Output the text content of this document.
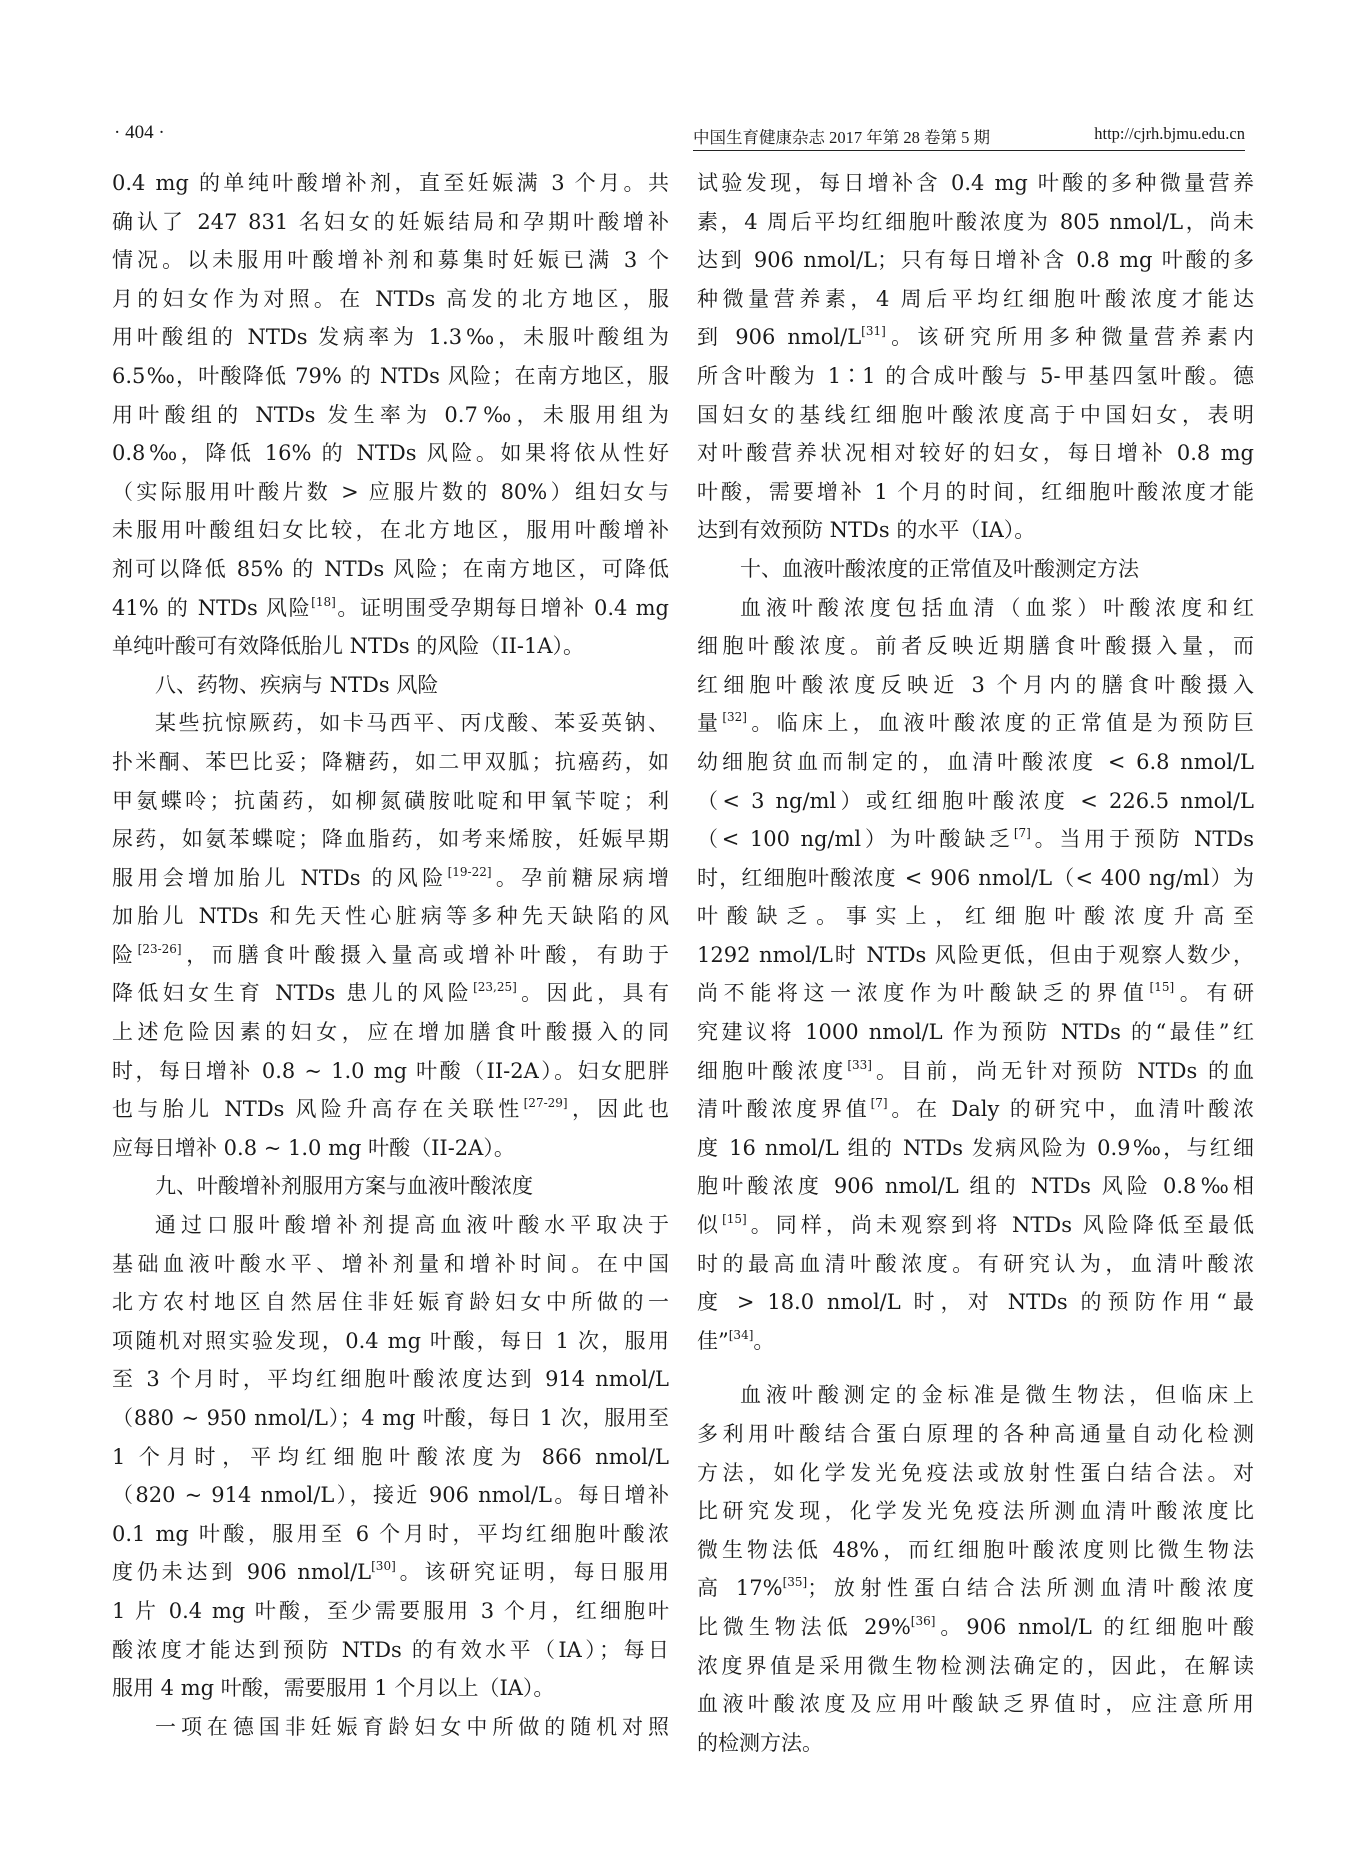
· 404 ·	中国生育健康杂志 2017 年第 28 卷第 5 期	http://cjrh.bjmu.edu.cn
0.4 mg 的单纯叶酸增补剂，直至妊娠满 3 个月。共
确认了 247 831 名妇女的妊娠结局和孕期叶酸增补
情况。以未服用叶酸增补剂和募集时妊娠已满 3 个
月的妇女作为对照。在 NTDs 高发的北方地区，服
用叶酸组的 NTDs 发病率为 1.3‰，未服叶酸组为
6.5‰，叶酸降低 79% 的 NTDs 风险；在南方地区，服
用叶酸组的 NTDs 发生率为 0.7‰，未服用组为
0.8‰，降低 16% 的 NTDs 风险。如果将依从性好
（实际服用叶酸片数 > 应服片数的 80%）组妇女与
未服用叶酸组妇女比较，在北方地区，服用叶酸增补
剂可以降低 85% 的 NTDs 风险；在南方地区，可降低
41% 的 NTDs 风险[18]。证明围受孕期每日增补 0.4 mg
单纯叶酸可有效降低胎儿 NTDs 的风险（II-1A）。
八、药物、疾病与 NTDs 风险
某些抗惊厥药，如卡马西平、丙戊酸、苯妥英钠、
扑米酮、苯巴比妥；降糖药，如二甲双胍；抗癌药，如
甲氨蝶呤；抗菌药，如柳氮磺胺吡啶和甲氧苄啶；利
尿药，如氨苯蝶啶；降血脂药，如考来烯胺，妊娠早期
服用会增加胎儿 NTDs 的风险[19-22]。孕前糖尿病增
加胎儿 NTDs 和先天性心脏病等多种先天缺陷的风
险[23-26]，而膳食叶酸摄入量高或增补叶酸，有助于
降低妇女生育 NTDs 患儿的风险[23,25]。因此，具有
上述危险因素的妇女，应在增加膳食叶酸摄入的同
时，每日增补 0.8 ~ 1.0 mg 叶酸（II-2A）。妇女肥胖
也与胎儿 NTDs 风险升高存在关联性[27-29]，因此也
应每日增补 0.8 ~ 1.0 mg 叶酸（II-2A）。
九、叶酸增补剂服用方案与血液叶酸浓度
通过口服叶酸增补剂提高血液叶酸水平取决于
基础血液叶酸水平、增补剂量和增补时间。在中国
北方农村地区自然居住非妊娠育龄妇女中所做的一
项随机对照实验发现，0.4 mg 叶酸，每日 1 次，服用
至 3 个月时，平均红细胞叶酸浓度达到 914 nmol/L
（880 ~ 950 nmol/L）；4 mg 叶酸，每日 1 次，服用至
1 个月时，平均红细胞叶酸浓度为 866 nmol/L
（820 ~ 914 nmol/L），接近 906 nmol/L。每日增补
0.1 mg 叶酸，服用至 6 个月时，平均红细胞叶酸浓
度仍未达到 906 nmol/L[30]。该研究证明，每日服用
1 片 0.4 mg 叶酸，至少需要服用 3 个月，红细胞叶
酸浓度才能达到预防 NTDs 的有效水平（IA）；每日
服用 4 mg 叶酸，需要服用 1 个月以上（IA）。
一项在德国非妊娠育龄妇女中所做的随机对照
试验发现，每日增补含 0.4 mg 叶酸的多种微量营养
素，4 周后平均红细胞叶酸浓度为 805 nmol/L，尚未
达到 906 nmol/L；只有每日增补含 0.8 mg 叶酸的多
种微量营养素，4 周后平均红细胞叶酸浓度才能达
到 906 nmol/L[31]。该研究所用多种微量营养素内
所含叶酸为 1∶1 的合成叶酸与 5-甲基四氢叶酸。德
国妇女的基线红细胞叶酸浓度高于中国妇女，表明
对叶酸营养状况相对较好的妇女，每日增补 0.8 mg
叶酸，需要增补 1 个月的时间，红细胞叶酸浓度才能
达到有效预防 NTDs 的水平（IA）。
十、血液叶酸浓度的正常值及叶酸测定方法
血液叶酸浓度包括血清（血浆）叶酸浓度和红
细胞叶酸浓度。前者反映近期膳食叶酸摄入量，而
红细胞叶酸浓度反映近 3 个月内的膳食叶酸摄入
量[32]。临床上，血液叶酸浓度的正常值是为预防巨
幼细胞贫血而制定的，血清叶酸浓度 < 6.8 nmol/L
（< 3 ng/ml）或红细胞叶酸浓度 < 226.5 nmol/L
（< 100 ng/ml）为叶酸缺乏[7]。当用于预防 NTDs
时，红细胞叶酸浓度 < 906 nmol/L（< 400 ng/ml）为
叶酸缺乏。事实上，红细胞叶酸浓度升高至
1292 nmol/L时 NTDs 风险更低，但由于观察人数少，
尚不能将这一浓度作为叶酸缺乏的界值[15]。有研
究建议将 1000 nmol/L 作为预防 NTDs 的“最佳”红
细胞叶酸浓度[33]。目前，尚无针对预防 NTDs 的血
清叶酸浓度界值[7]。在 Daly 的研究中，血清叶酸浓
度 16 nmol/L 组的 NTDs 发病风险为 0.9‰，与红细
胞叶酸浓度 906 nmol/L 组的 NTDs 风险 0.8‰相
似[15]。同样，尚未观察到将 NTDs 风险降低至最低
时的最高血清叶酸浓度。有研究认为，血清叶酸浓
度 > 18.0 nmol/L 时，对 NTDs 的预防作用“最
佳”[34]。
血液叶酸测定的金标准是微生物法，但临床上
多利用叶酸结合蛋白原理的各种高通量自动化检测
方法，如化学发光免疫法或放射性蛋白结合法。对
比研究发现，化学发光免疫法所测血清叶酸浓度比
微生物法低 48%，而红细胞叶酸浓度则比微生物法
高 17%[35]；放射性蛋白结合法所测血清叶酸浓度
比微生物法低 29%[36]。906 nmol/L 的红细胞叶酸
浓度界值是采用微生物检测法确定的，因此，在解读
血液叶酸浓度及应用叶酸缺乏界值时，应注意所用
的检测方法。
